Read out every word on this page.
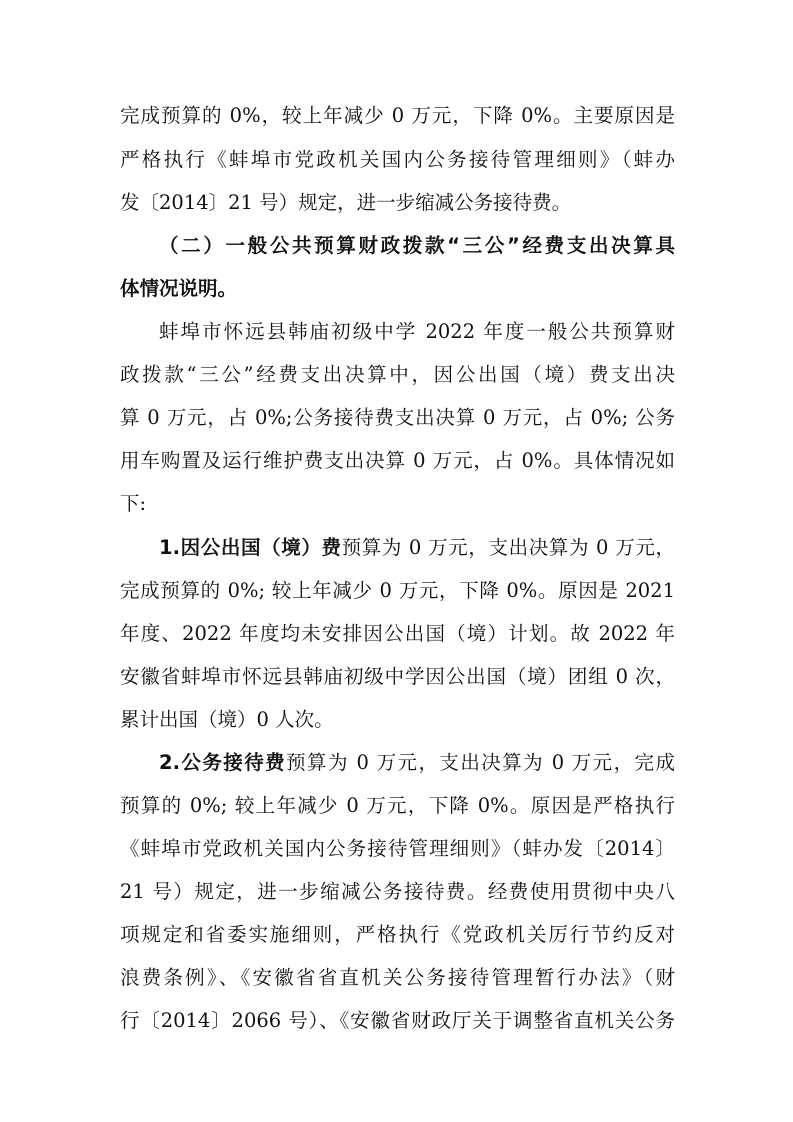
完成预算的 0%，较上年减少 0 万元，下降 0%。主要原因是
严格执行《蚌埠市党政机关国内公务接待管理细则》（蚌办
发〔2014〕21 号）规定，进一步缩减公务接待费。
（二）一般公共预算财政拨款“三公”经费支出决算具
体情况说明。
蚌埠市怀远县韩庙初级中学 2022 年度一般公共预算财
政拨款“三公”经费支出决算中，因公出国（境）费支出决
算 0 万元，占 0%;公务接待费支出决算 0 万元，占 0%; 公务
用车购置及运行维护费支出决算 0 万元，占 0%。具体情况如
下:
1.因公出国（境）费预算为 0 万元，支出决算为 0 万元，
完成预算的 0%; 较上年减少 0 万元，下降 0%。原因是 2021
年度、2022 年度均未安排因公出国（境）计划。故 2022 年
安徽省蚌埠市怀远县韩庙初级中学因公出国（境）团组 0 次，
累计出国（境）0 人次。
2.公务接待费预算为 0 万元，支出决算为 0 万元，完成
预算的 0%; 较上年减少 0 万元，下降 0%。原因是严格执行
《蚌埠市党政机关国内公务接待管理细则》（蚌办发〔2014〕
21 号）规定，进一步缩减公务接待费。经费使用贯彻中央八
项规定和省委实施细则，严格执行《党政机关厉行节约反对
浪费条例》、《安徽省省直机关公务接待管理暂行办法》（财
行〔2014〕2066 号）、《安徽省财政厅关于调整省直机关公务
